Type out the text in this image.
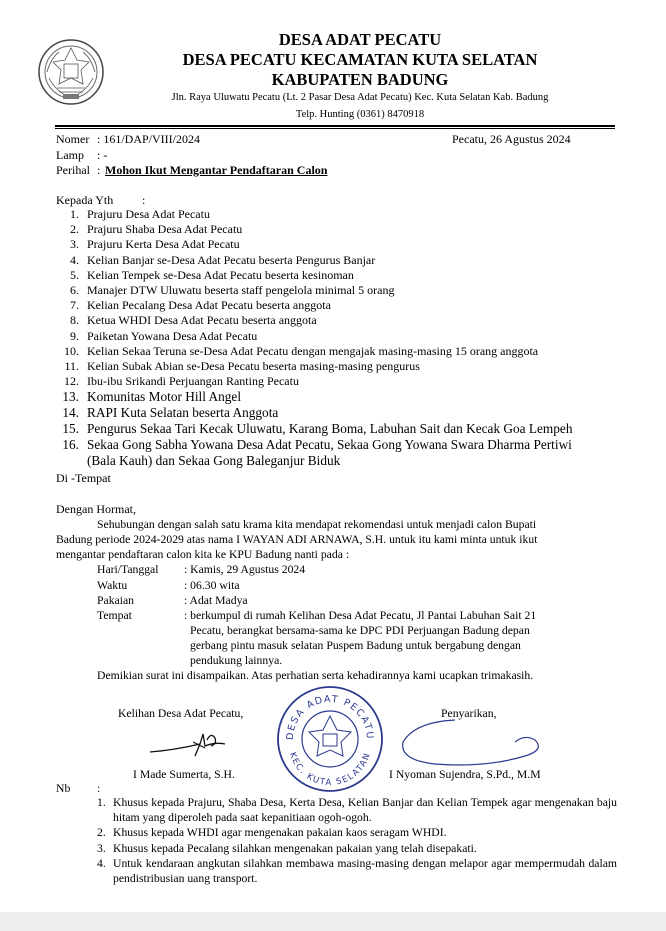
DESA ADAT PECATU
DESA PECATU KECAMATAN KUTA SELATAN
KABUPATEN BADUNG
Jln. Raya Uluwatu Pecatu (Lt. 2 Pasar Desa Adat Pecatu) Kec. Kuta Selatan Kab. Badung
Telp. Hunting (0361) 8470918
Nomer : 161/DAP/VIII/2024	Pecatu, 26 Agustus 2024
Lamp : -
Perihal : Mohon Ikut Mengantar Pendaftaran Calon
Kepada Yth :
1. Prajuru Desa Adat Pecatu
2. Prajuru Shaba Desa Adat Pecatu
3. Prajuru Kerta Desa Adat Pecatu
4. Kelian Banjar se-Desa Adat Pecatu beserta Pengurus Banjar
5. Kelian Tempek se-Desa Adat Pecatu beserta kesinoman
6. Manajer DTW Uluwatu beserta staff pengelola minimal 5 orang
7. Kelian Pecalang Desa Adat Pecatu beserta anggota
8. Ketua WHDI Desa Adat Pecatu beserta anggota
9. Paiketan Yowana Desa Adat Pecatu
10. Kelian Sekaa Teruna se-Desa Adat Pecatu dengan mengajak masing-masing 15 orang anggota
11. Kelian Subak Abian se-Desa Pecatu beserta masing-masing pengurus
12. Ibu-ibu Srikandi Perjuangan Ranting Pecatu
13. Komunitas Motor Hill Angel
14. RAPI Kuta Selatan beserta Anggota
15. Pengurus Sekaa Tari Kecak Uluwatu, Karang Boma, Labuhan Sait dan Kecak Goa Lempeh
16. Sekaa Gong Sabha Yowana Desa Adat Pecatu, Sekaa Gong Yowana Swara Dharma Pertiwi
(Bala Kauh) dan Sekaa Gong Baleganjur Biduk
Di -Tempat
Dengan Hormat,
Sehubungan dengan salah satu krama kita mendapat rekomendasi untuk menjadi calon Bupati
Badung periode 2024-2029 atas nama I WAYAN ADI ARNAWA, S.H. untuk itu kami minta untuk ikut
mengantar pendaftaran calon kita ke KPU Badung nanti pada :
Hari/Tanggal : Kamis, 29 Agustus 2024
Waktu	: 06.30 wita
Pakaian	: Adat Madya
Tempat	: berkumpul di rumah Kelihan Desa Adat Pecatu, Jl Pantai Labuhan Sait 21
Pecatu, berangkat bersama-sama ke DPC PDI Perjuangan Badung depan
gerbang pintu masuk selatan Puspem Badung untuk bergabung dengan
pendukung lainnya.
Demikian surat ini disampaikan. Atas perhatian serta kehadirannya kami ucapkan trimakasih.
Kelihan Desa Adat Pecatu,	Penyarikan,
DESA ADAT PECATU
KEC. KUTA SELATAN
I Made Sumerta, S.H.	I Nyoman Sujendra, S.Pd., M.M
Nb :
1. Khusus kepada Prajuru, Shaba Desa, Kerta Desa, Kelian Banjar dan Kelian Tempek agar mengenakan baju hitam yang diperoleh pada saat kepanitiaan ogoh-ogoh.
2. Khusus kepada WHDI agar mengenakan pakaian kaos seragam WHDI.
3. Khusus kepada Pecalang silahkan mengenakan pakaian yang telah disepakati.
4. Untuk kendaraan angkutan silahkan membawa masing-masing dengan melapor agar mempermudah dalam pendistribusian uang transport.
